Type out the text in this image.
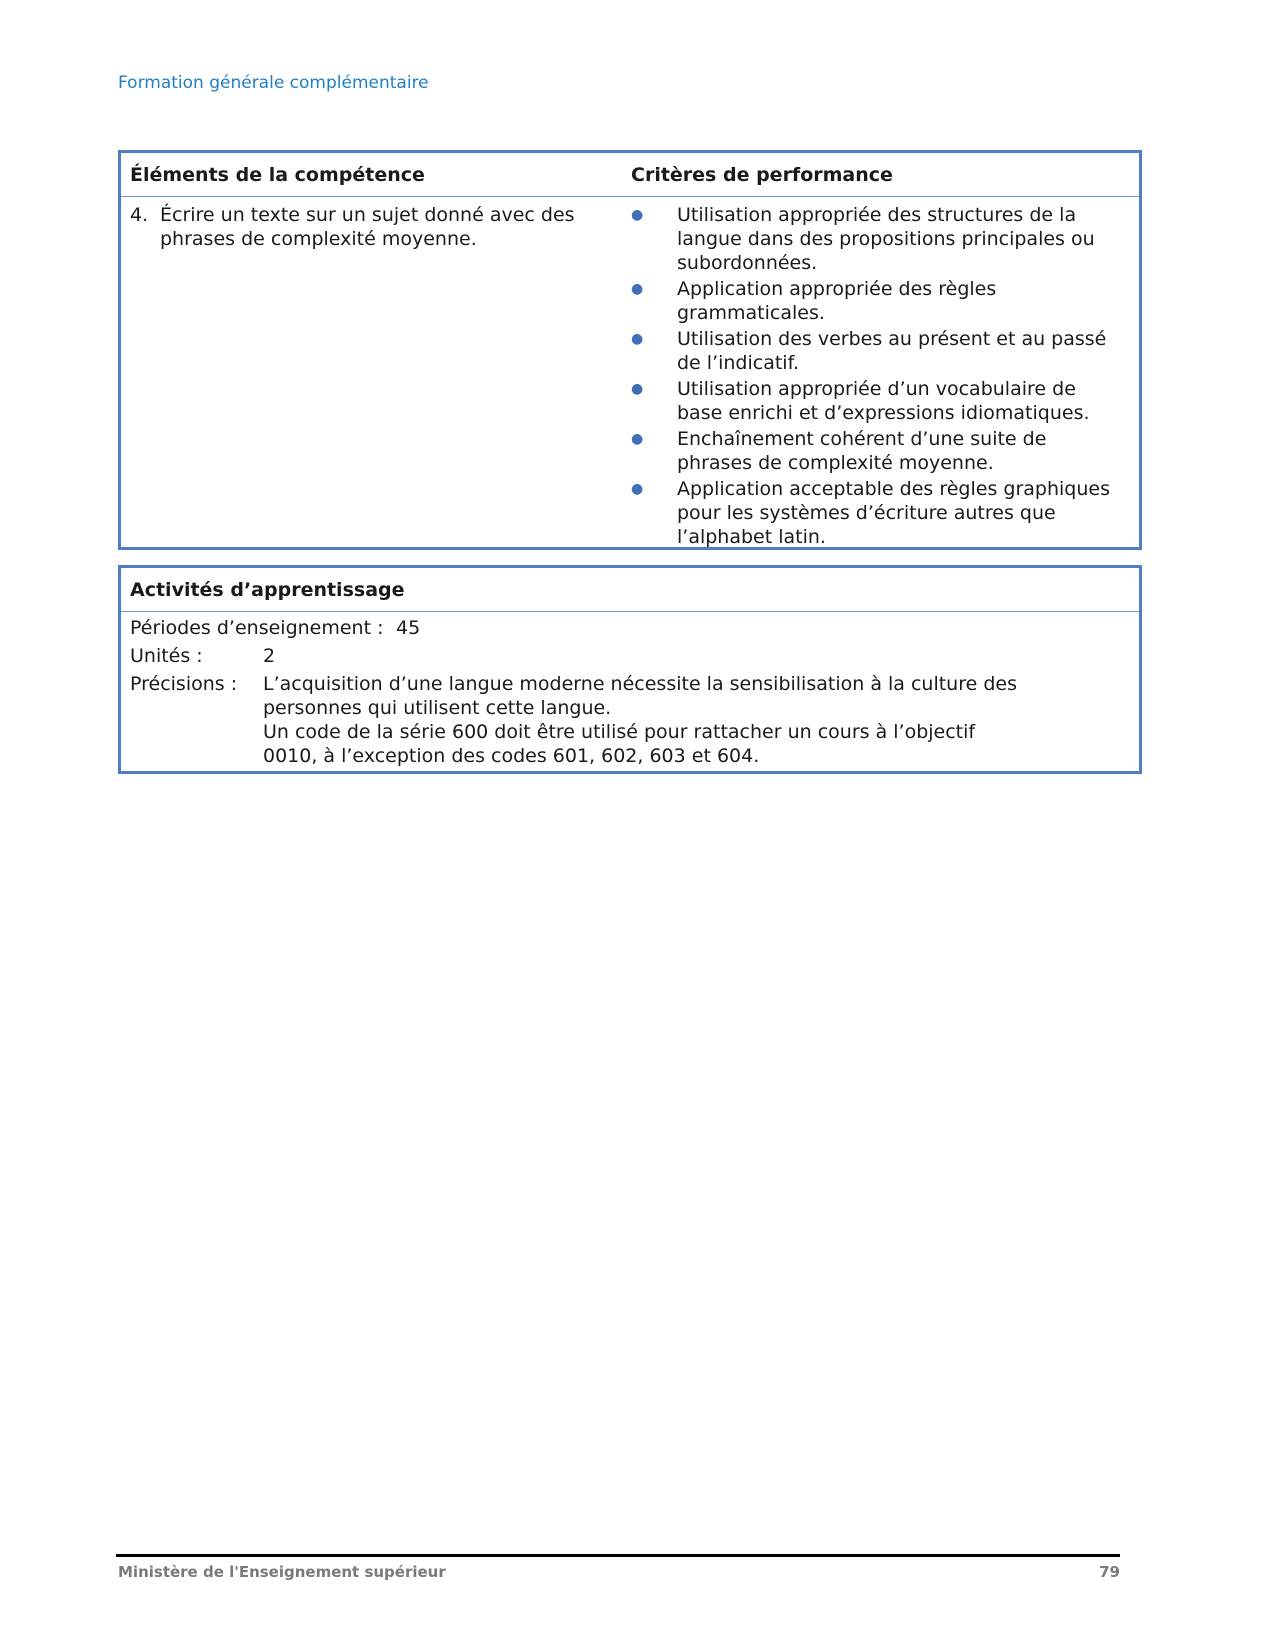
Formation générale complémentaire
Éléments de la compétence	Critères de performance
4. Écrire un texte sur un sujet donné avec des phrases de complexité moyenne.
●	Utilisation appropriée des structures de la langue dans des propositions principales ou subordonnées.
●	Application appropriée des règles grammaticales.
●	Utilisation des verbes au présent et au passé de l’indicatif.
●	Utilisation appropriée d’un vocabulaire de base enrichi et d’expressions idiomatiques.
●	Enchaînement cohérent d’une suite de phrases de complexité moyenne.
●	Application acceptable des règles graphiques pour les systèmes d’écriture autres que l’alphabet latin.
Activités d’apprentissage
Périodes d’enseignement : 45
Unités :	2
Précisions :	L’acquisition d’une langue moderne nécessite la sensibilisation à la culture des personnes qui utilisent cette langue.
Un code de la série 600 doit être utilisé pour rattacher un cours à l’objectif 0010, à l’exception des codes 601, 602, 603 et 604.
Ministère de l'Enseignement supérieur	79
